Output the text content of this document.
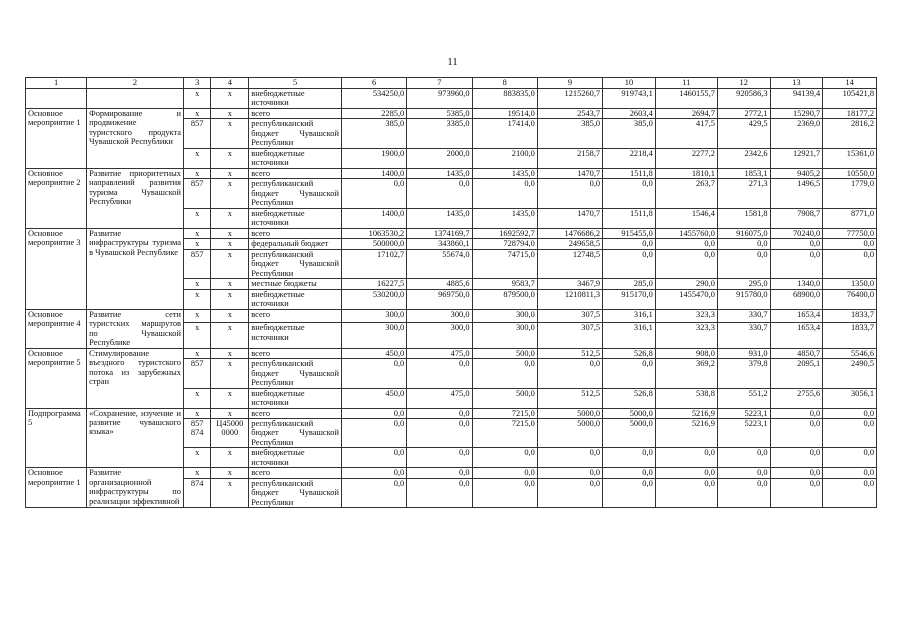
11
1	2	3	4	5	6	7	8	9	10	11	12	13	14
		х	х	внебюджетные источники	534250,0	973960,0	883835,0	1215260,7	919743,1	1460155,7	920586,3	94139,4	105421,8
Основное мероприятие 1	Формирование и продвижение туристского продукта Чувашской Республики	х	х	всего	2285,0	5385,0	19514,0	2543,7	2603,4	2694,7	2772,1	15290,7	18177,2
		857	х	республиканский бюджет Чувашской Республики	385,0	3385,0	17414,0	385,0	385,0	417,5	429,5	2369,0	2816,2
		х	х	внебюджетные источники	1900,0	2000,0	2100,0	2158,7	2218,4	2277,2	2342,6	12921,7	15361,0
Основное мероприятие 2	Развитие приоритетных направлений развития туризма Чувашской Республики	х	х	всего	1400,0	1435,0	1435,0	1470,7	1511,8	1810,1	1853,1	9405,2	10550,0
		857	х	республиканский бюджет Чувашской Республики	0,0	0,0	0,0	0,0	0,0	263,7	271,3	1496,5	1779,0
		х	х	внебюджетные источники	1400,0	1435,0	1435,0	1470,7	1511,8	1546,4	1581,8	7908,7	8771,0
Основное мероприятие 3	Развитие инфраструктуры туризма в Чувашской Республике	х	х	всего	1063530,2	1374169,7	1692592,7	1476686,2	915455,0	1455760,0	916075,0	70240,0	77750,0
		х	х	федеральный бюджет	500000,0	343860,1	728794,0	249658,5	0,0	0,0	0,0	0,0	0,0
		857	х	республиканский бюджет Чувашской Республики	17102,7	55674,0	74715,0	12748,5	0,0	0,0	0,0	0,0	0,0
		х	х	местные бюджеты	16227,5	4885,6	9583,7	3467,9	285,0	290,0	295,0	1340,0	1350,0
		х	х	внебюджетные источники	530200,0	969750,0	879500,0	1210811,3	915170,0	1455470,0	915780,0	68900,0	76400,0
Основное мероприятие 4	Развитие сети туристских маршрутов по Чувашской Республике	х	х	всего	300,0	300,0	300,0	307,5	316,1	323,3	330,7	1653,4	1833,7
		х	х	внебюджетные источники	300,0	300,0	300,0	307,5	316,1	323,3	330,7	1653,4	1833,7
Основное мероприятие 5	Стимулирование въездного туристского потока из зарубежных стран	х	х	всего	450,0	475,0	500,0	512,5	526,8	908,0	931,0	4850,7	5546,6
		857	х	республиканский бюджет Чувашской Республики	0,0	0,0	0,0	0,0	0,0	369,2	379,8	2095,1	2490,5
		х	х	внебюджетные источники	450,0	475,0	500,0	512,5	526,8	538,8	551,2	2755,6	3056,1
Подпрограмма 5	«Сохранение, изучение и развитие чувашского языка»	х	х	всего	0,0	0,0	7215,0	5000,0	5000,0	5216,9	5223,1	0,0	0,0
		857 874	Ц45000 0000	республиканский бюджет Чувашской Республики	0,0	0,0	7215,0	5000,0	5000,0	5216,9	5223,1	0,0	0,0
		х	х	внебюджетные источники	0,0	0,0	0,0	0,0	0,0	0,0	0,0	0,0	0,0
Основное мероприятие 1	Развитие организационной инфраструктуры по реализации эффективной	х	х	всего	0,0	0,0	0,0	0,0	0,0	0,0	0,0	0,0	0,0
		874	х	республиканский бюджет Чувашской Республики	0,0	0,0	0,0	0,0	0,0	0,0	0,0	0,0	0,0
